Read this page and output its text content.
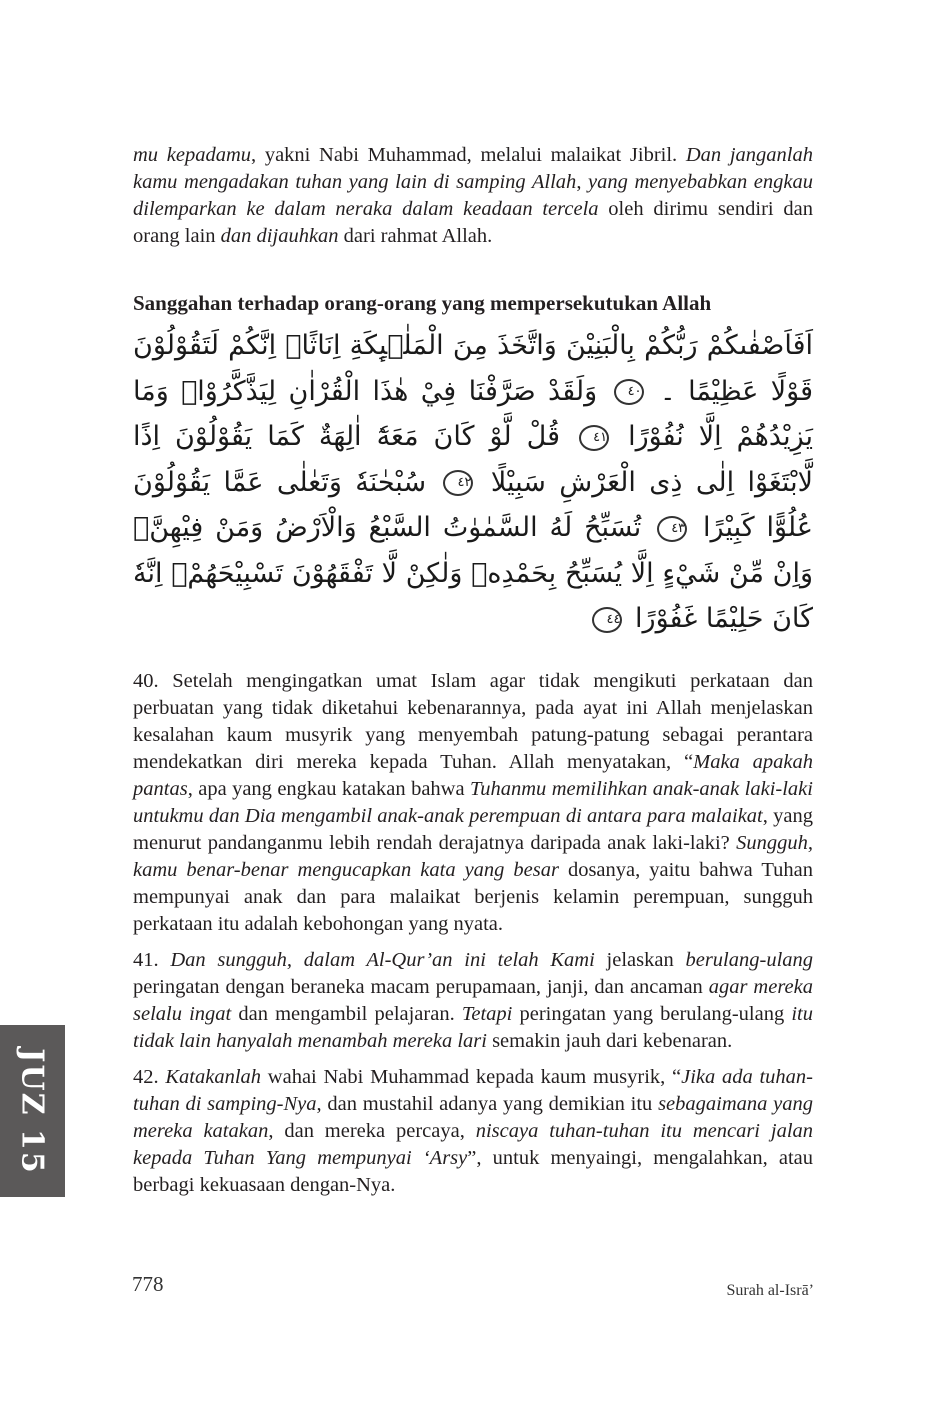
mu kepadamu, yakni Nabi Muhammad, melalui malaikat Jibril. Dan janganlah kamu mengadakan tuhan yang lain di samping Allah, yang menyebabkan engkau dilemparkan ke dalam neraka dalam keadaan tercela oleh dirimu sendiri dan orang lain dan dijauhkan dari rahmat Allah.

Sanggahan terhadap orang-orang yang mempersekutukan Allah
اَفَاَصْفٰىكُمْ رَبُّكُمْ بِالْبَنِيْنَ وَاتَّخَذَ مِنَ الْمَلٰۤىِٕكَةِ اِنَاثًاۗ اِنَّكُمْ لَتَقُوْلُوْنَ قَوْلًا عَظِيْمًا ۔ ٤٠ وَلَقَدْ صَرَّفْنَا فِيْ هٰذَا الْقُرْاٰنِ لِيَذَّكَّرُوْاۗ وَمَا يَزِيْدُهُمْ اِلَّا نُفُوْرًا ٤١ قُلْ لَّوْ كَانَ مَعَهٗٓ اٰلِهَةٌ كَمَا يَقُوْلُوْنَ اِذًا لَّابْتَغَوْا اِلٰى ذِى الْعَرْشِ سَبِيْلًا ٤٢ سُبْحٰنَهٗ وَتَعٰلٰى عَمَّا يَقُوْلُوْنَ عُلُوًّا كَبِيْرًا ٤٣ تُسَبِّحُ لَهُ السَّمٰوٰتُ السَّبْعُ وَالْاَرْضُ وَمَنْ فِيْهِنَّۗ وَاِنْ مِّنْ شَيْءٍ اِلَّا يُسَبِّحُ بِحَمْدِهٖ وَلٰكِنْ لَّا تَفْقَهُوْنَ تَسْبِيْحَهُمْۗ اِنَّهٗ كَانَ حَلِيْمًا غَفُوْرًا ٤٤

40. Setelah mengingatkan umat Islam agar tidak mengikuti perkataan dan perbuatan yang tidak diketahui kebenarannya, pada ayat ini Allah menjelaskan kesalahan kaum musyrik yang menyembah patung-patung sebagai perantara mendekatkan diri mereka kepada Tuhan. Allah menyatakan, “Maka apakah pantas, apa yang engkau katakan bahwa Tuhanmu memilihkan anak-anak laki-laki untukmu dan Dia mengambil anak-anak perempuan di antara para malaikat, yang menurut pandanganmu lebih rendah derajatnya daripada anak laki-laki? Sungguh, kamu benar-benar mengucapkan kata yang besar dosanya, yaitu bahwa Tuhan mempunyai anak dan para malaikat berjenis kelamin perempuan, sungguh perkataan itu adalah kebohongan yang nyata.

41. Dan sungguh, dalam Al-Qur’an ini telah Kami jelaskan berulang-ulang peringatan dengan beraneka macam perupamaan, janji, dan ancaman agar mereka selalu ingat dan mengambil pelajaran. Tetapi peringatan yang berulang-ulang itu tidak lain hanyalah menambah mereka lari semakin jauh dari kebenaran.

42. Katakanlah wahai Nabi Muhammad kepada kaum musyrik, “Jika ada tuhan-tuhan di samping-Nya, dan mustahil adanya yang demikian itu sebagaimana yang mereka katakan, dan mereka percaya, niscaya tuhan-tuhan itu mencari jalan kepada Tuhan Yang mempunyai ‘Arsy”, untuk menyaingi, mengalahkan, atau berbagi kekuasaan dengan-Nya.

JUZ 15
778	Surah al-Isrā’
